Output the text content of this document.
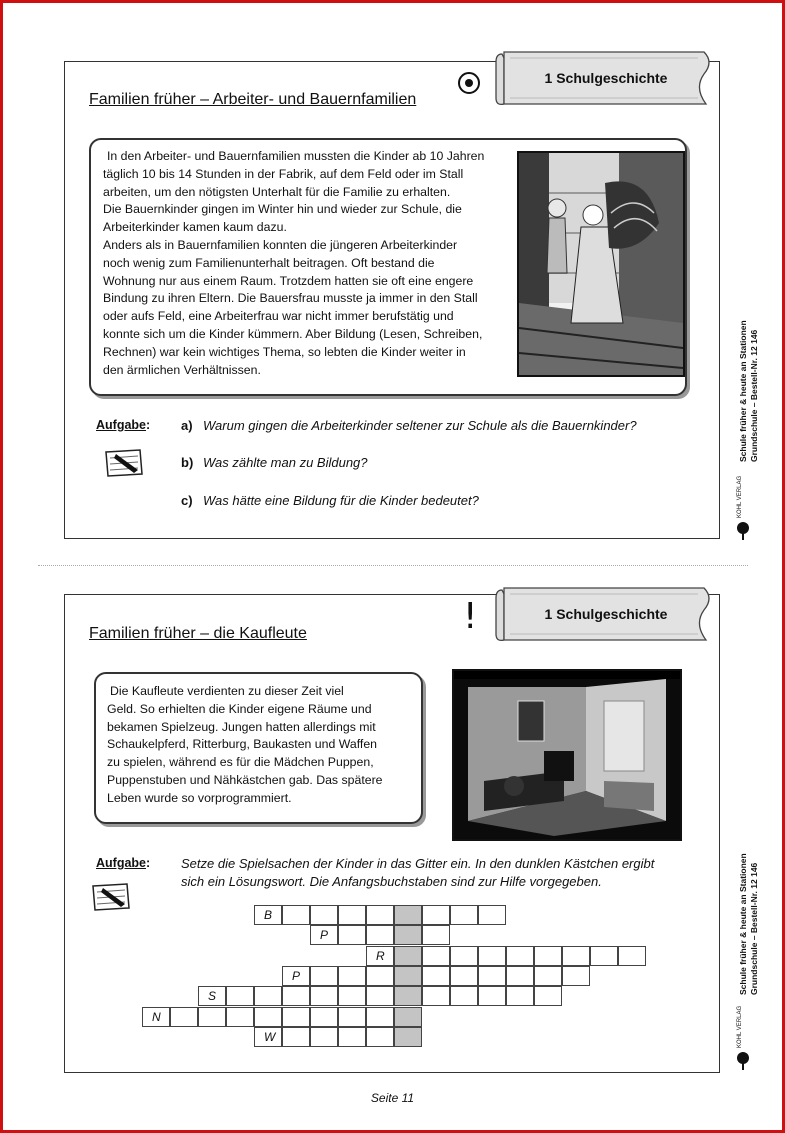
1 Schulgeschichte
Familien früher – Arbeiter- und Bauernfamilien
In den Arbeiter- und Bauernfamilien mussten die Kinder ab 10 Jahren
täglich 10 bis 14 Stunden in der Fabrik, auf dem Feld oder im Stall
arbeiten, um den nötigsten Unterhalt für die Familie zu erhalten.
Die Bauernkinder gingen im Winter hin und wieder zur Schule, die
Arbeiterkinder kamen kaum dazu.
Anders als in Bauernfamilien konnten die jüngeren Arbeiterkinder
noch wenig zum Familienunterhalt beitragen. Oft bestand die
Wohnung nur aus einem Raum. Trotzdem hatten sie oft eine engere
Bindung zu ihren Eltern. Die Bauersfrau musste ja immer in den Stall
oder aufs Feld, eine Arbeiterfrau war nicht immer berufstätig und
konnte sich um die Kinder kümmern. Aber Bildung (Lesen, Schreiben,
Rechnen) war kein wichtiges Thema, so lebten die Kinder weiter in
den ärmlichen Verhältnissen.
Aufgabe: a) Warum gingen die Arbeiterkinder seltener zur Schule als die Bauernkinder?
b) Was zählte man zu Bildung?
c) Was hätte eine Bildung für die Kinder bedeutet?
Schule früher & heute an Stationen Grundschule – Bestell-Nr. 12 146
KOHL VERLAG
1 Schulgeschichte
!
Familien früher – die Kaufleute
Die Kaufleute verdienten zu dieser Zeit viel
Geld. So erhielten die Kinder eigene Räume und
bekamen Spielzeug. Jungen hatten allerdings mit
Schaukelpferd, Ritterburg, Baukasten und Waffen
zu spielen, während es für die Mädchen Puppen,
Puppenstuben und Nähkästchen gab. Das spätere
Leben wurde so vorprogrammiert.
Aufgabe: Setze die Spielsachen der Kinder in das Gitter ein. In den dunklen Kästchen ergibt
sich ein Lösungswort. Die Anfangsbuchstaben sind zur Hilfe vorgegeben.
B
P
R
P
S
N
W
Schule früher & heute an Stationen Grundschule – Bestell-Nr. 12 146
KOHL VERLAG
Seite 11
